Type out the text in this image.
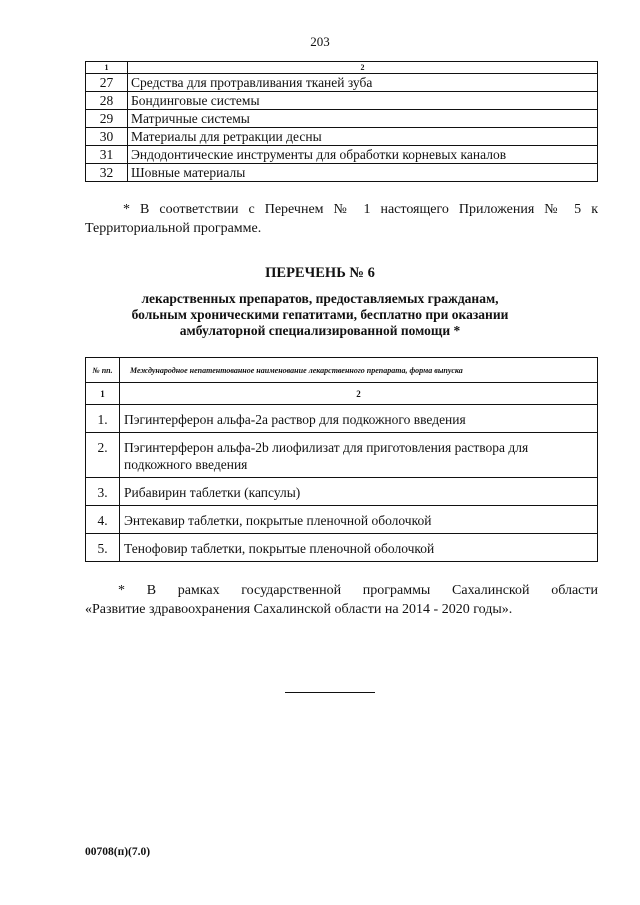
203
1	2
27	Средства для протравливания тканей зуба
28	Бондинговые системы
29	Матричные системы
30	Материалы для ретракции десны
31	Эндодонтические инструменты для обработки корневых каналов
32	Шовные материалы
* В соответствии с Перечнем № 1 настоящего Приложения № 5 к
Территориальной программе.
ПЕРЕЧЕНЬ № 6
лекарственных препаратов, предоставляемых гражданам,
больным хроническими гепатитами, бесплатно при оказании
амбулаторной специализированной помощи *
№ пп.	Международное непатентованное наименование лекарственного препарата, форма выпуска
1	2
1.	Пэгинтерферон альфа-2а раствор для подкожного введения
2.	Пэгинтерферон альфа-2b лиофилизат для приготовления раствора для подкожного введения
3.	Рибавирин таблетки (капсулы)
4.	Энтекавир таблетки, покрытые пленочной оболочкой
5.	Тенофовир таблетки, покрытые пленочной оболочкой
* В рамках государственной программы Сахалинской области
«Развитие здравоохранения Сахалинской области на 2014 - 2020 годы».
00708(п)(7.0)
